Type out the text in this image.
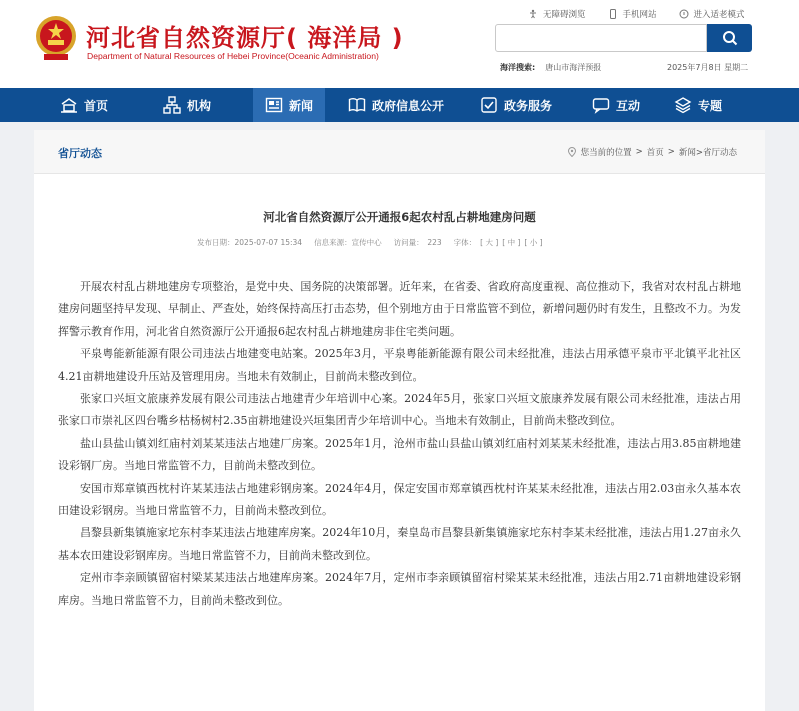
河北省自然资源厅( 海洋局 )
Department of Natural Resources of Hebei Province(Oceanic Administration)
无障碍浏览	手机网站	进入适老模式
海洋搜索: 唐山市海洋预报	2025年7月8日 星期二
首页	机构	新闻	政府信息公开	政务服务	互动	专题
省厅动态	您当前的位置 > 首页 > 新闻>省厅动态
河北省自然资源厅公开通报6起农村乱占耕地建房问题
发布日期：2025-07-07 15:34 信息来源：宣传中心 访问量：　223 字体： [ 大 ] [ 中 ] [ 小 ]

开展农村乱占耕地建房专项整治，是党中央、国务院的决策部署。近年来，在省委、省政府高度重视、高位推动下，我省对农村乱占耕地建房问题坚持早发现、早制止、严查处，始终保持高压打击态势，但个别地方由于日常监管不到位，新增问题仍时有发生，且整改不力。为发挥警示教育作用，河北省自然资源厅公开通报6起农村乱占耕地建房非住宅类问题。

平泉粤能新能源有限公司违法占地建变电站案。2025年3月，平泉粤能新能源有限公司未经批准，违法占用承德平泉市平北镇平北社区4.21亩耕地建设升压站及管理用房。当地未有效制止，目前尚未整改到位。

张家口兴垣文旅康养发展有限公司违法占地建青少年培训中心案。2024年5月，张家口兴垣文旅康养发展有限公司未经批准，违法占用张家口市崇礼区四台嘴乡枯杨树村2.35亩耕地建设兴垣集团青少年培训中心。当地未有效制止，目前尚未整改到位。

盐山县盐山镇刘红庙村刘某某违法占地建厂房案。2025年1月，沧州市盐山县盐山镇刘红庙村刘某某未经批准，违法占用3.85亩耕地建设彩钢厂房。当地日常监管不力，目前尚未整改到位。

安国市郑章镇西枕村许某某违法占地建彩钢房案。2024年4月，保定安国市郑章镇西枕村许某某未经批准，违法占用2.03亩永久基本农田建设彩钢房。当地日常监管不力，目前尚未整改到位。

昌黎县新集镇施家坨东村李某违法占地建库房案。2024年10月，秦皇岛市昌黎县新集镇施家坨东村李某未经批准，违法占用1.27亩永久基本农田建设彩钢库房。当地日常监管不力，目前尚未整改到位。

定州市李亲顾镇留宿村梁某某违法占地建库房案。2024年7月，定州市李亲顾镇留宿村梁某某未经批准，违法占用2.71亩耕地建设彩钢库房。当地日常监管不力，目前尚未整改到位。
